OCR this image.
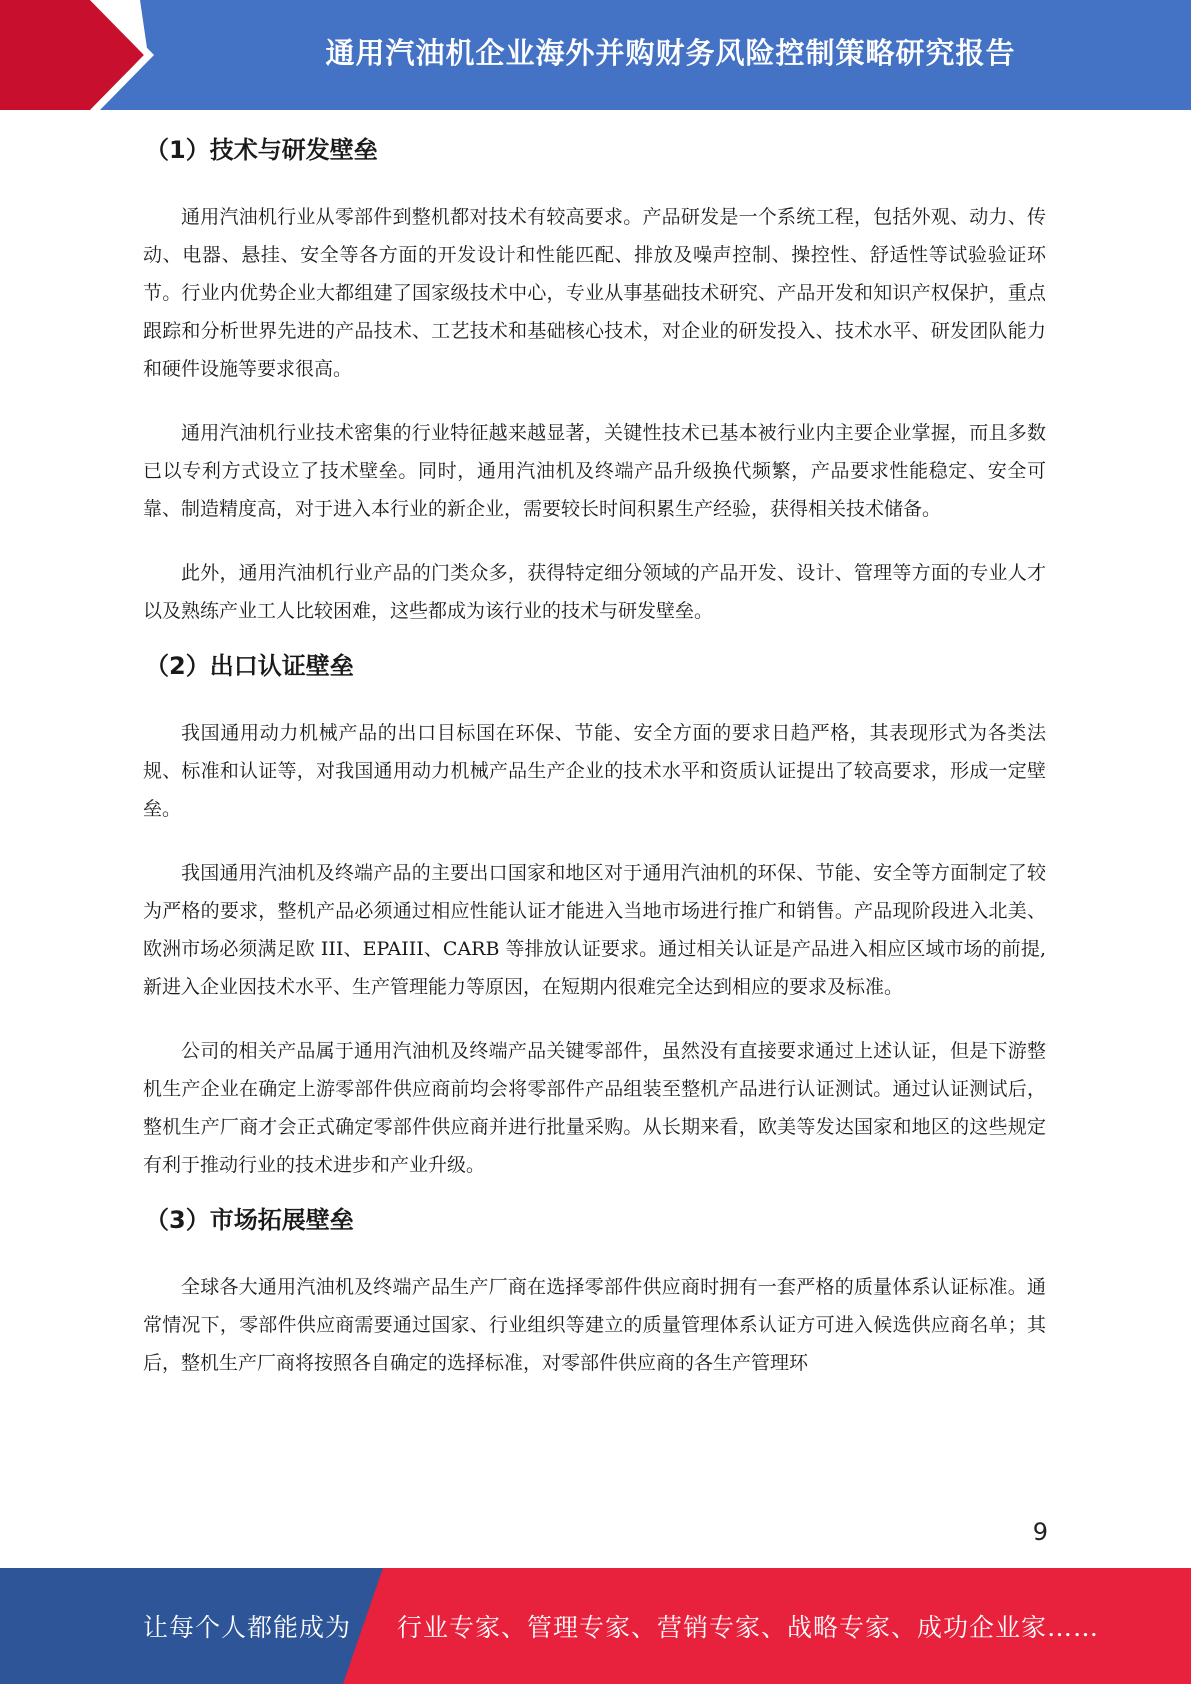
通用汽油机企业海外并购财务风险控制策略研究报告
（1）技术与研发壁垒

通用汽油机行业从零部件到整机都对技术有较高要求。产品研发是一个系统工程，包括外观、动力、传动、电器、悬挂、安全等各方面的开发设计和性能匹配、排放及噪声控制、操控性、舒适性等试验验证环节。行业内优势企业大都组建了国家级技术中心，专业从事基础技术研究、产品开发和知识产权保护，重点跟踪和分析世界先进的产品技术、工艺技术和基础核心技术，对企业的研发投入、技术水平、研发团队能力和硬件设施等要求很高。

通用汽油机行业技术密集的行业特征越来越显著，关键性技术已基本被行业内主要企业掌握，而且多数已以专利方式设立了技术壁垒。同时，通用汽油机及终端产品升级换代频繁，产品要求性能稳定、安全可靠、制造精度高，对于进入本行业的新企业，需要较长时间积累生产经验，获得相关技术储备。

此外，通用汽油机行业产品的门类众多，获得特定细分领域的产品开发、设计、管理等方面的专业人才以及熟练产业工人比较困难，这些都成为该行业的技术与研发壁垒。

（2）出口认证壁垒

我国通用动力机械产品的出口目标国在环保、节能、安全方面的要求日趋严格，其表现形式为各类法规、标准和认证等，对我国通用动力机械产品生产企业的技术水平和资质认证提出了较高要求，形成一定壁垒。

我国通用汽油机及终端产品的主要出口国家和地区对于通用汽油机的环保、节能、安全等方面制定了较为严格的要求，整机产品必须通过相应性能认证才能进入当地市场进行推广和销售。产品现阶段进入北美、欧洲市场必须满足欧 III、EPAIII、CARB 等排放认证要求。通过相关认证是产品进入相应区域市场的前提,新进入企业因技术水平、生产管理能力等原因，在短期内很难完全达到相应的要求及标准。

公司的相关产品属于通用汽油机及终端产品关键零部件，虽然没有直接要求通过上述认证，但是下游整机生产企业在确定上游零部件供应商前均会将零部件产品组装至整机产品进行认证测试。通过认证测试后，整机生产厂商才会正式确定零部件供应商并进行批量采购。从长期来看，欧美等发达国家和地区的这些规定有利于推动行业的技术进步和产业升级。

（3）市场拓展壁垒

全球各大通用汽油机及终端产品生产厂商在选择零部件供应商时拥有一套严格的质量体系认证标准。通常情况下，零部件供应商需要通过国家、行业组织等建立的质量管理体系认证方可进入候选供应商名单；其后，整机生产厂商将按照各自确定的选择标准，对零部件供应商的各生产管理环

9
让每个人都能成为 行业专家、管理专家、营销专家、战略专家、成功企业家……
